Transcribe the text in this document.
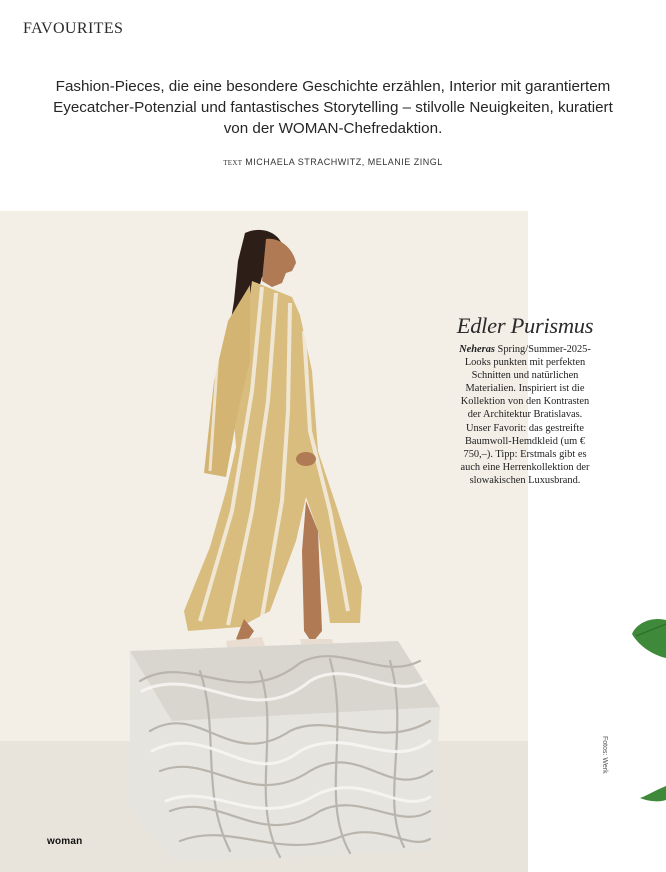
FAVOURITES
Fashion-Pieces, die eine besondere Geschichte erzählen, Interior mit garantiertem Eyecatcher-Potenzial und fantastisches Storytelling – stilvolle Neuigkeiten, kuratiert von der WOMAN-Chefredaktion.
TEXT MICHAELA STRACHWITZ, MELANIE ZINGL
Edler Purismus

Neheras Spring/Summer-2025-Looks punkten mit perfekten Schnitten und natürlichen Materialien. Inspiriert ist die Kollektion von den Kontrasten der Architektur Bratislavas. Unser Favorit: das gestreifte Baumwoll-Hemdkleid (um € 750,–). Tipp: Erstmals gibt es auch eine Herrenkollektion der slowakischen Luxusbrand.

Fotos: Werk
woman
